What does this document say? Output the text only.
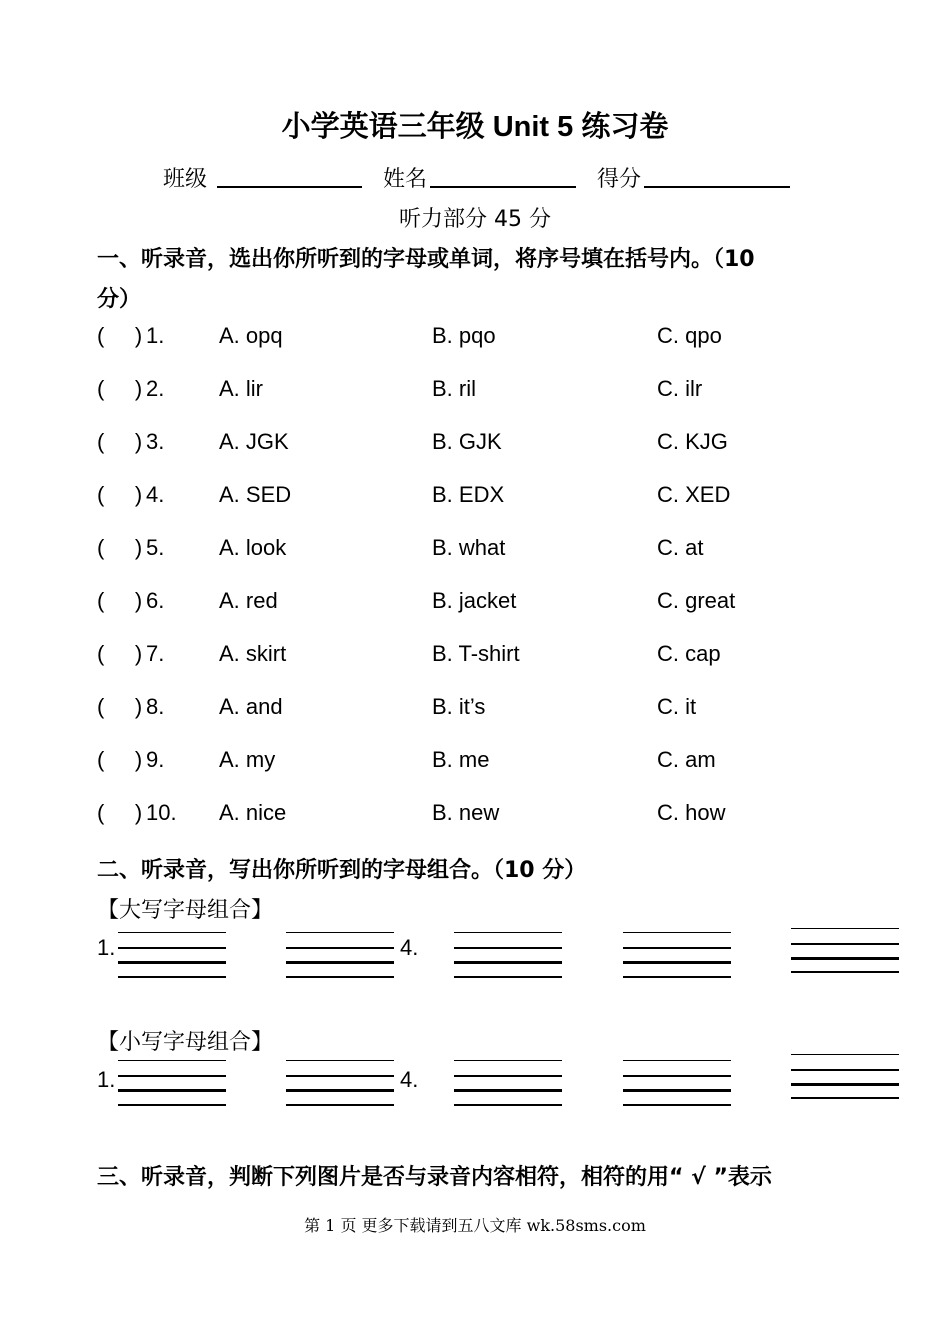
小学英语三年级 Unit 5 练习卷
班级	姓名	得分
听力部分 45 分
一、听录音，选出你所听到的字母或单词，将序号填在括号内。（10
分）
(     ) 1. A. opq	B. pqo	C. qpo
(     ) 2. A. lir	B. ril	C. ilr
(     ) 3. A. JGK	B. GJK	C. KJG
(     ) 4. A. SED	B. EDX	C. XED
(     ) 5. A. look	B. what	C. at
(     ) 6. A. red	B. jacket	C. great
(     ) 7. A. skirt	B. T-shirt	C. cap
(     ) 8. A. and	B. it’s	C. it
(     ) 9. A. my	B. me	C. am
(     ) 10. A. nice	B. new	C. how
二、听录音，写出你所听到的字母组合。（10 分）
【大写字母组合】
1.	4.
【小写字母组合】
1.	4.
三、听录音，判断下列图片是否与录音内容相符，相符的用“ √ ”表示
第 1 页 更多下载请到五八文库 wk.58sms.com
